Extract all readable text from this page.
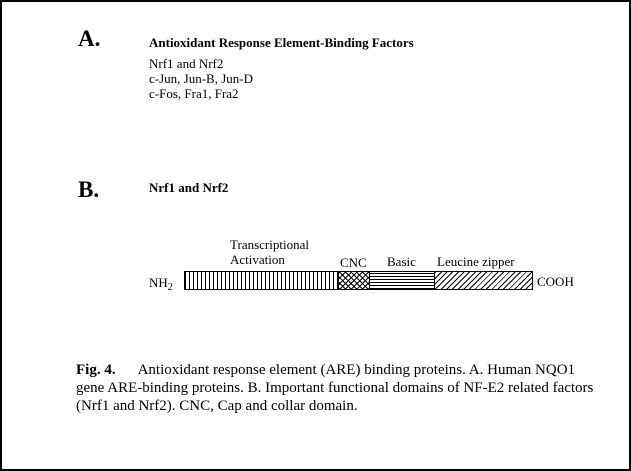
A.	Antioxidant Response Element-Binding Factors
Nrf1 and Nrf2
c-Jun, Jun-B, Jun-D
c-Fos, Fra1, Fra2
B.	Nrf1 and Nrf2
Transcriptional
Activation	CNC Basic Leucine zipper
$NH_2$	COOH
Fig. 4. Antioxidant response element (ARE) binding proteins. A. Human NQO1 gene ARE-binding proteins. B. Important functional domains of NF-E2 related factors (Nrf1 and Nrf2). CNC, Cap and collar domain.
